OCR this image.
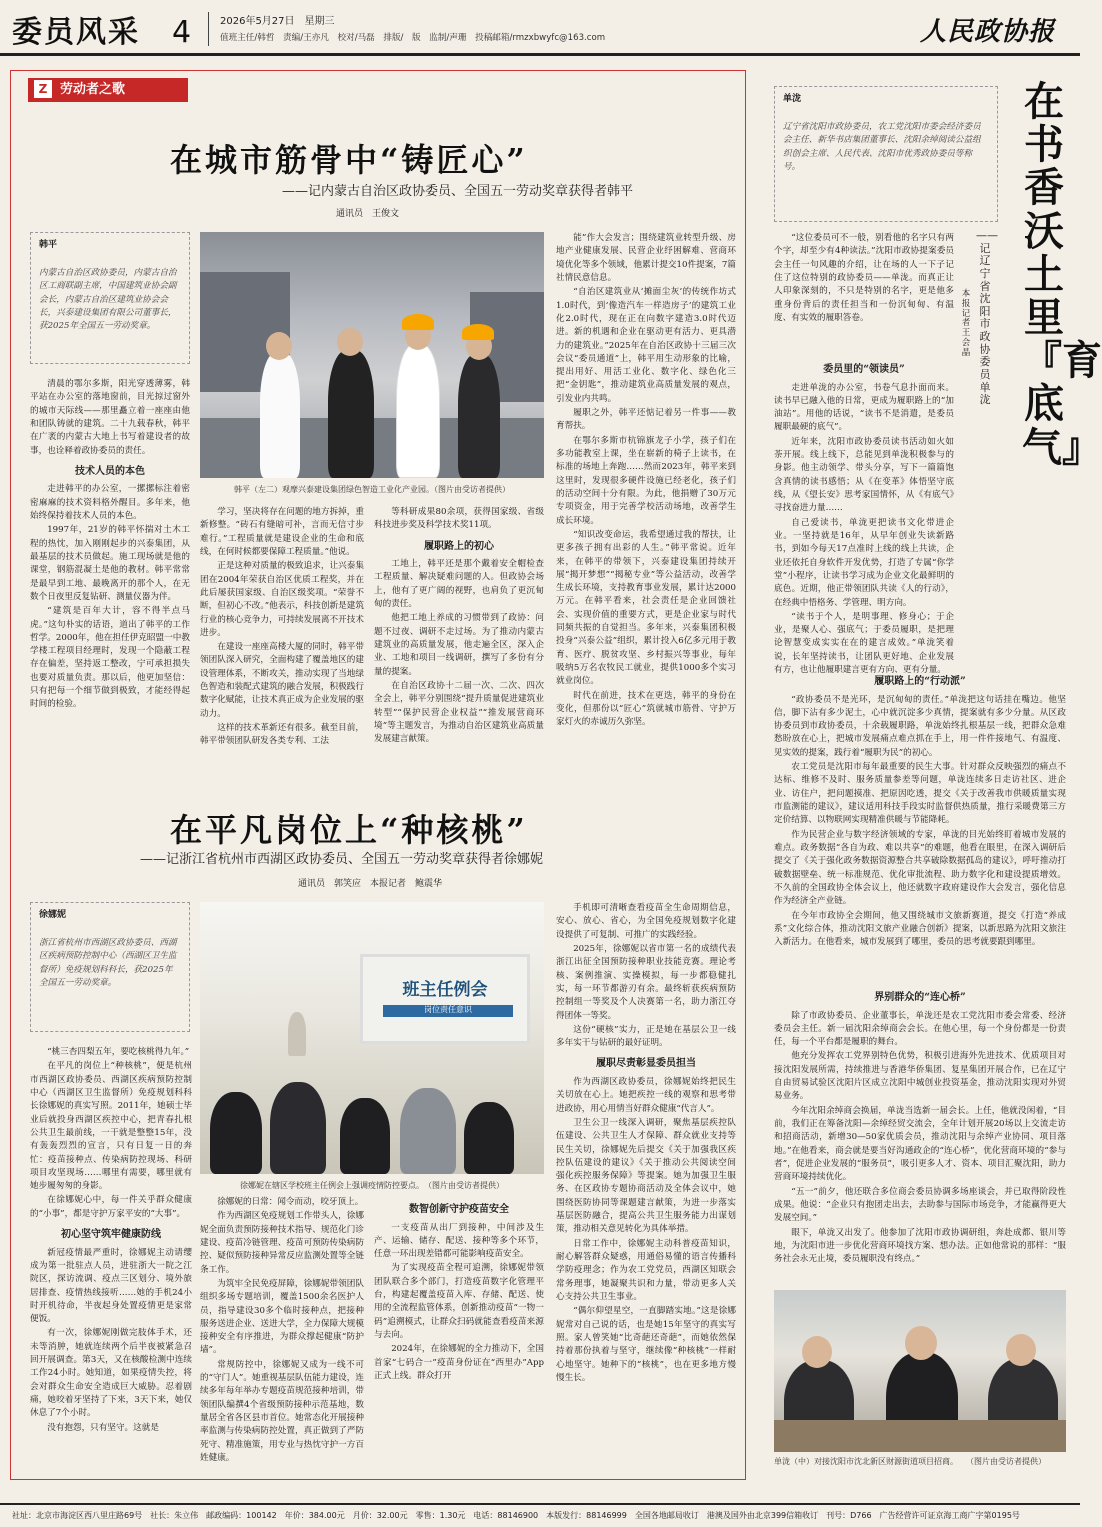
委员风采 4	2026年5月27日　星期三
值班主任/韩哲　责编/王亦凡　校对/马磊　排版/　版　监制/声珊　投稿邮箱/rmzxbwyfc@163.com	人民政协报
Z 劳动者之歌
在城市筋骨中“铸匠心”
——记内蒙古自治区政协委员、全国五一劳动奖章获得者韩平
通讯员　王俊文
韩平
内蒙古自治区政协委员，内蒙古自治区工商联副主席，中国建筑业协会副会长，内蒙古自治区建筑业协会会长，兴泰建设集团有限公司董事长，获2025年全国五一劳动奖章。
韩平（左二）观摩兴泰建设集团绿色智造工业化产业园。（图片由受访者提供）
清晨的鄂尔多斯，阳光穿透薄雾，韩平站在办公室的落地窗前，目光掠过窗外的城市天际线——那里矗立着一座座由他和团队铸就的建筑。二十九载春秋，韩平在广袤的内蒙古大地上书写着建设者的故事，也诠释着政协委员的责任。
技术人员的本色
走进韩平的办公室，一摞摞标注着密密麻麻的技术资料格外醒目。多年来，他始终保持着技术人员的本色。
1997年，21岁的韩平怀揣对土木工程的热忱，加入刚刚起步的兴泰集团，从最基层的技术员做起。施工现场就是他的课堂，钢筋混凝土是他的教材。韩平常常是最早到工地、最晚离开的那个人，在无数个日夜里反复钻研、测量仪器为伴。
“建筑是百年大计，容不得半点马虎。”这句朴实的话语，道出了韩平的工作哲学。2000年，他在担任伊克昭盟一中教学楼工程项目经理时，发现一个隐蔽工程存在偏差，坚持返工整改，宁可承担损失也要对质量负责。那以后，他更加坚信：只有把每一个细节做到极致，才能经得起时间的检验。
学习，坚决将存在问题的地方拆掉，重新修整。“砖石有缝暗可补，言而无信寸步难行。”工程质量就是建设企业的生命和底线，在何时候都要保障工程质量。”他说。
正是这种对质量的极致追求，让兴泰集团在2004年荣获自治区优质工程奖，并在此后屡获国家级、自治区级奖项。“荣誉不断，但初心不改。”他表示，科技创新是建筑行业的核心竞争力，可持续发展离不开技术进步。
在建设一座座高楼大厦的同时，韩平带领团队深入研究，全面构建了覆盖地区的建设管理体系，不断攻关，推动实现了当地绿色智造和装配式建筑的融合发展，积极践行数字化赋能，让技术真正成为企业发展的驱动力。
这样的技术革新还有很多。截至目前，韩平带领团队研发各类专利、工法
等科研成果80余项，获得国家级、省级科技进步奖及科学技术奖11项。
履职路上的初心
工地上，韩平还是那个戴着安全帽检查工程质量、解决疑难问题的人。但政协会场上，他有了更广阔的视野，也肩负了更沉甸甸的责任。
他把工地上养成的习惯带到了政协：问题不过夜、调研不走过场。为了推动内蒙古建筑业的高质量发展，他走遍全区，深入企业、工地和项目一线调研，撰写了多份有分量的提案。
在自治区政协十二届一次、二次、四次全会上，韩平分别围绕“提升质量促进建筑业转型”“保护民营企业权益”“推发展营商环境”等主题发言，为推动自治区建筑业高质量发展建言献策。
能”作大会发言；围绕建筑业转型升级、房地产业健康发展、民营企业纾困解难、营商环境优化等多个领域，他累计提交10件提案，7篇社情民意信息。
“自治区建筑业从‘摊面尘灰’的传统作坊式1.0时代，到‘像造汽车一样造房子’的建筑工业化2.0时代，现在正在向数字建造3.0时代迈进。新的机遇和企业在驱动更有活力、更具潜力的建筑业。”2025年在自治区政协十三届三次会议“委员通道”上，韩平用生动形象的比喻，提出用好、用活工业化、数字化、绿色化三把“金钥匙”，推动建筑业高质量发展的观点，引发业内共鸣。
履职之外，韩平还惦记着另一件事——教育帮扶。
在鄂尔多斯市杭锦旗龙子小学，孩子们在多功能教室上课，坐在崭新的椅子上读书，在标准的场地上奔跑……然而2023年，韩平来到这里时，发现很多硬件设施已经老化，孩子们的活动空间十分有限。为此，他捐赠了30万元专项资金，用于完善学校活动场地，改善学生成长环境。
“知识改变命运，我希望通过我的帮扶，让更多孩子拥有出彩的人生。”韩平常说。近年来，在韩平的带领下，兴泰建设集团持续开展“揭开梦想”“揭秘专业”等公益活动，改善学生成长环境，支持教育事业发展，累计达2000万元。在韩平看来，社会责任是企业回馈社会、实现价值的重要方式，更是企业家与时代同频共振的自觉担当。多年来，兴泰集团积极投身“兴泰公益”组织，累计投入6亿多元用于教育、医疗、脱贫攻坚、乡村振兴等事业，每年吸纳5万名农牧民工就业，提供1000多个实习就业岗位。
时代在前进，技术在更迭，韩平的身份在变化，但那份以“匠心”筑就城市筋骨、守护万家灯火的赤诚历久弥坚。
在平凡岗位上“种核桃”
——记浙江省杭州市西湖区政协委员、全国五一劳动奖章获得者徐娜妮
通讯员　郭笑应　本报记者　鲍震华
徐娜妮
浙江省杭州市西湖区政协委员、西湖区疾病预防控制中心（西湖区卫生监督所）免疫规划科科长，获2025年全国五一劳动奖章。	班主任例会
岗位责任意识
徐娜妮在辖区学校班主任例会上强调疫情防控要点。　（图片由受访者提供）
“桃三杏四梨五年，要吃核桃得九年。”
在平凡的岗位上“种核桃”，便是杭州市西湖区政协委员、西湖区疾病预防控制中心（西湖区卫生监督所）免疫规划科科长徐娜妮的真实写照。2011年，她硕士毕业后就投身西湖区疾控中心，把青春扎根公共卫生最前线，一干就是整整15年，没有轰轰烈烈的宣言，只有日复一日的奔忙：疫苗接种点、传染病防控现场、科研项目攻坚现场……哪里有需要，哪里就有她步履匆匆的身影。
在徐娜妮心中，每一件关乎群众健康的“小事”，都是守护万家平安的“大事”。
初心坚守筑牢健康防线
新冠疫情最严重时，徐娜妮主动请缨成为第一批驻点人员，进驻浙大一院之江院区，探访流调、疫点三区划分、境外旅居排查、疫情热线接听……她的手机24小时开机待命，半夜起身处置疫情更是家常便饭。
有一次，徐娜妮刚做完肢体手术，还未等消肿，她就连续两个后半夜被紧急召回开展调查。第3天，又在核酸检测中连续工作24小时。她知道，如果疫情失控，将会对群众生命安全造成巨大威胁。忍着剧痛，她咬着牙坚持了下来，3天下来，她仅休息了7个小时。
没有抱怨，只有坚守。这就是
徐娜妮的日常：闻令而动，咬牙顶上。
作为西湖区免疫规划工作带头人，徐娜妮全面负责预防接种技术指导、规范化门诊建设、疫苗冷链管理、疫苗可预防传染病防控、疑似预防接种异常反应监测处置等全链条工作。
为筑牢全民免疫屏障，徐娜妮带领团队组织多场专题培训，覆盖1500余名医护人员，指导建设30多个临时接种点，把接种服务送进企业、送进大学，全力保障大规模接种安全有序推进，为群众撑起健康“防护墙”。
常规防控中，徐娜妮又成为一线不可的“守门人”。她重视基层队伍能力建设，连续多年每年举办专题疫苗规范接种培训，带领团队编撰4个省级预防接种示范基地，数量居全省各区县市首位。她常态化开展接种率监测与传染病防控处置，真正做到了严防死守、精准施策，用专业与热忱守护一方百姓健康。
数智创新守护疫苗安全
一支疫苗从出厂到接种，中间涉及生产、运输、储存、配送、接种等多个环节，任意一环出现差错都可能影响疫苗安全。
为了实现疫苗全程可追溯，徐娜妮带领团队联合多个部门，打造疫苗数字化管理平台，构建起覆盖疫苗入库、存储、配送、使用的全流程监管体系，创新推动疫苗“一物一码”追溯模式，让群众扫码就能查看疫苗来源与去向。
2024年，在徐娜妮的全力推动下，全国首家“七码合一”疫苗身份证在“西里办”App正式上线。群众打开
手机即可清晰查看疫苗全生命周期信息，安心、放心、省心，为全国免疫规划数字化建设提供了可复制、可推广的实践经验。
2025年，徐娜妮以省市第一名的成绩代表浙江出征全国预防接种职业技能竞赛。理论考核、案例推演、实操模拟，每一步都稳健扎实，每一环节都游刃有余。最终斩获疾病预防控制组一等奖及个人决赛第一名，助力浙江夺得团体一等奖。
这份“硬核”实力，正是她在基层公卫一线多年实干与钻研的最好证明。
履职尽责彰显委员担当
作为西湖区政协委员，徐娜妮始终把民生关切放在心上。她把疾控一线的观察和思考带进政协，用心用情当好群众健康“代言人”。
卫生公卫一线深入调研，聚焦基层疾控队伍建设、公共卫生人才保障、群众就业支持等民生关切，徐娜妮先后提交《关于加强我区疾控队伍建设的建议》《关于推动公共阅读空间　强化疾控服务保障》等提案。她为加强卫生服务、在区政协专题协商活动及全体会议中，她围绕医防协同等课题建言献策，为进一步落实基层医防融合，提高公共卫生服务能力出谋划策，推动相关意见转化为具体举措。
日常工作中，徐娜妮主动科普疫苗知识，耐心解答群众疑惑，用通俗易懂的语言传播科学防疫理念；作为农工党党员，西湖区知联会常务理事，她凝聚共识和力量，带动更多人关心支持公共卫生事业。
“偶尔仰望星空，一直脚踏实地。”这是徐娜妮常对自己说的话，也是她15年坚守的真实写照。家人曾笑她“比奇葩还奇葩”，而她依然保持着那份执着与坚守，继续像“种核桃”一样耐心地坚守。她种下的“核桃”，也在更多地方慢慢生长。
单泷
辽宁省沈阳市政协委员，农工党沈阳市委会经济委员会主任、新华书店集团董事长、沈阳余绰阅读公益组织创会主席、人民代表、沈阳市优秀政协委员等称号。
在书香沃土里『育底气』
——记辽宁省沈阳市政协委员单泷
本报记者　王会晶
“这位委员可不一般，别看他的名字只有两个字，却至少有4种读法。”沈阳市政协提案委员会主任一句风趣的介绍，让在场的人一下子记住了这位特别的政协委员——单泷。而真正让人印象深刻的，不只是特别的名字，更是他多重身份背后的责任担当和一份沉甸甸、有温度、有实效的履职答卷。
委员里的“领读员”
走进单泷的办公室，书卷气息扑面而来。读书早已融入他的日常，更成为履职路上的“加油站”。用他的话说，“读书不是消遣，是委员履职最硬的底气”。
近年来，沈阳市政协委员读书活动如火如荼开展。线上线下，总能见到单泷积极参与的身影。他主动领学、带头分享，写下一篇篇饱含真情的读书感悟；从《在变革》体悟坚守底线，从《望长安》思考家国情怀，从《有底气》寻找奋进力量……
自己爱读书，单泷更把读书文化带进企业。一坚持就是16年，从早年创业失读新路书，到如今每天17点准时上线的线上共读，企业还依托自身软件开发优势，打造了专属“你学堂”小程序，让读书学习成为企业文化最鲜明的底色。近期，他正带领团队共读《人的行动》，在经典中悟格务、学管理、明方向。
“读书于个人，是明事理、修身心；于企业，是聚人心、强底气；于委员履职，是把理论智慧变成实实在在的建言成效。”单泷笑着说，长年坚持读书，让团队更好地、企业发展有方，也让他履职建言更有方向、更有分量。
履职路上的“行动派”
“政协委员不是光环，是沉甸甸的责任。”单泷把这句话挂在嘴边。他坚信，脚下沾有多少泥土，心中就沉淀多少真情，提案就有多少分量。从区政协委员到市政协委员，十余载履职路，单泷始终扎根基层一线，把群众急难愁盼放在心上，把城市发展痛点难点抓在手上，用一件件接地气、有温度、见实效的提案，践行着“履职为民”的初心。
农工党员是沈阳市每年最重要的民生大事。针对群众反映强烈的痛点不达标、维修不及时、服务质量参差等问题，单泷连续多日走访社区、进企业、访住户，把问题摸准、把原因吃透，提交《关于改善我市供暖质量实现市监测能的建议》，建议适用科技手段实时监督供热质量，推行采暖费第三方定价结算、以物联网实现精准供暖与节能降耗。
作为民营企业与数字经济领域的专家，单泷的目光始终盯着城市发展的难点。政务数据“各自为政、难以共享”的难题，他看在眼里，在深入调研后提交了《关于强化政务数据资源整合共享破除数据孤岛的建议》，呼吁推动打破数据壁垒、统一标准规范、优化审批流程、助力数字化和建设提质增效。不久前的全国政协全体会议上，他还就数字政府建设作大会发言，强化信息作为经济全产业链。
在今年市政协全会期间，他又围绕城市文旅新赛道，提交《打造“养成系”文化综合体，推动沈阳文旅产业融合创新》提案，以新思路为沈阳文旅注入新活力。在他看来，城市发展到了哪里，委员的思考就要跟到哪里。
界别群众的“连心桥”
除了市政协委员、企业董事长，单泷还是农工党沈阳市委会常委、经济委员会主任。新一届沈阳余绰商会会长。在他心里，每一个身份都是一份责任，每一个平台都是履职的舞台。
他充分发挥农工党界别特色优势，积极引进海外先进技术、优质项目对接沈阳发展所需，持续推进与香港华侨集团、复星集团开展合作，已在辽宁自由贸易试验区沈阳片区成立沈阳中城创业投资基金，推动沈阳实现对外贸易业务。
今年沈阳余绰商会换届，单泷当选新一届会长。上任，他就没闲着，“目前，我们正在筹备沈阳—余绰经贸交流会，全年计划开展20场以上交流走访和招商活动，新增30—50家优质会员，推动沈阳与余绰产业协同、项目落地。”在他看来，商会就是要当好沟通政企的“连心桥”，优化营商环境的“参与者”，促进企业发展的“服务员”，吸引更多人才、资本、项目汇聚沈阳，助力营商环境持续优化。
“五一”前夕，他还联合多位商会委员协调多场座谈会，并已取得阶段性成果。他说：“企业只有抱团走出去，去助参与国际市场竞争，才能赢得更大发展空间。”
眼下，单泷又出发了。他参加了沈阳市政协调研组，奔赴成都、银川等地，为沈阳市进一步优化营商环境找方案、想办法。正如他常说的那样：“服务社会永无止境，委员履职没有终点。”
单泷（中）对接沈阳市沈北新区财源街道项目招商。　　（图片由受访者提供）
社址：北京市海淀区西八里庄路69号　社长：朱立伟　邮政编码：100142　年价：384.00元　月价：32.00元　零售：1.30元　电话：88146900　本版发行：88146999　全国各地邮局收订　港澳及国外由北京399信箱收订　刊号：D766　广告经营许可证京海工商广字第0195号
